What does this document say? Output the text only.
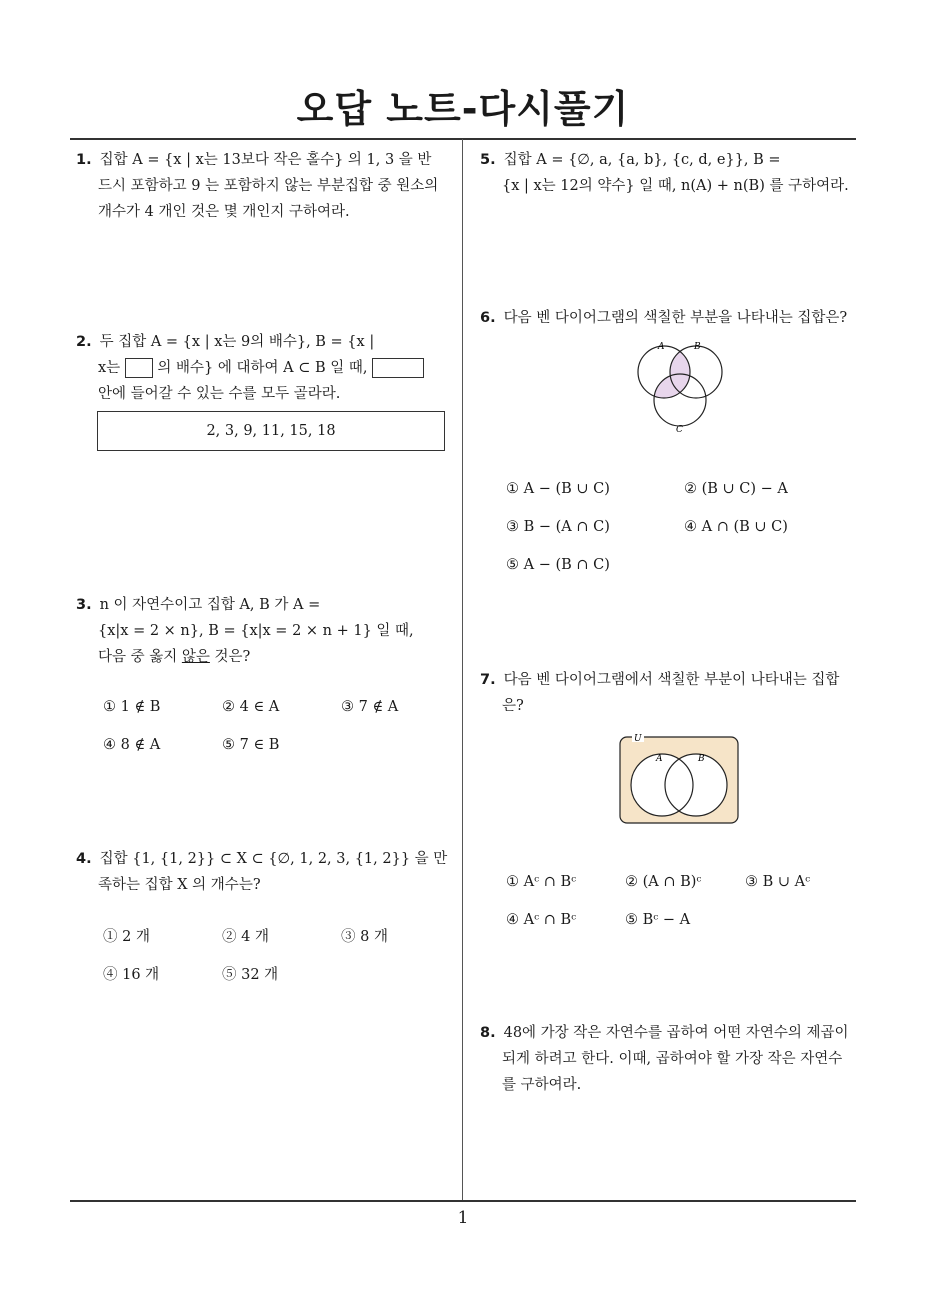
오답 노트-다시풀기
1. 집합 A = {x | x는 13보다 작은 홀수} 의 1, 3 을 반
드시 포함하고 9 는 포함하지 않는 부분집합 중 원소의
개수가 4 개인 것은 몇 개인지 구하여라.
2. 두 집합 A = {x | x는 9의 배수}, B = {x |
x는	의 배수} 에 대하여 A ⊂ B 일 때,
안에 들어갈 수 있는 수를 모두 골라라.
2, 3, 9, 11, 15, 18
3. n 이 자연수이고 집합 A, B 가 A =
{x|x = 2 × n}, B = {x|x = 2 × n + 1} 일 때,
다음 중 옳지 않은 것은?
① 1 ∉ B	② 4 ∈ A	③ 7 ∉ A
④ 8 ∉ A	⑤ 7 ∈ B
4. 집합 {1, {1, 2}} ⊂ X ⊂ {∅, 1, 2, 3, {1, 2}} 을 만
족하는 집합 X 의 개수는?
① 2 개	② 4 개	③ 8 개
④ 16 개	⑤ 32 개
5. 집합 A = {∅, a, {a, b}, {c, d, e}}, B =
{x | x는 12의 약수} 일 때, n(A) + n(B) 를 구하여라.
6. 다음 벤 다이어그램의 색칠한 부분을 나타내는 집합은?
A	B
C
① A − (B ∪ C)	② (B ∪ C) − A
③ B − (A ∩ C)	④ A ∩ (B ∪ C)
⑤ A − (B ∩ C)
7. 다음 벤 다이어그램에서 색칠한 부분이 나타내는 집합
은?
U
A	B
① Aᶜ ∩ Bᶜ	② (A ∩ B)ᶜ	③ B ∪ Aᶜ
④ Aᶜ ∩ Bᶜ	⑤ Bᶜ − A
8. 48에 가장 작은 자연수를 곱하여 어떤 자연수의 제곱이
되게 하려고 한다. 이때, 곱하여야 할 가장 작은 자연수
를 구하여라.
1
